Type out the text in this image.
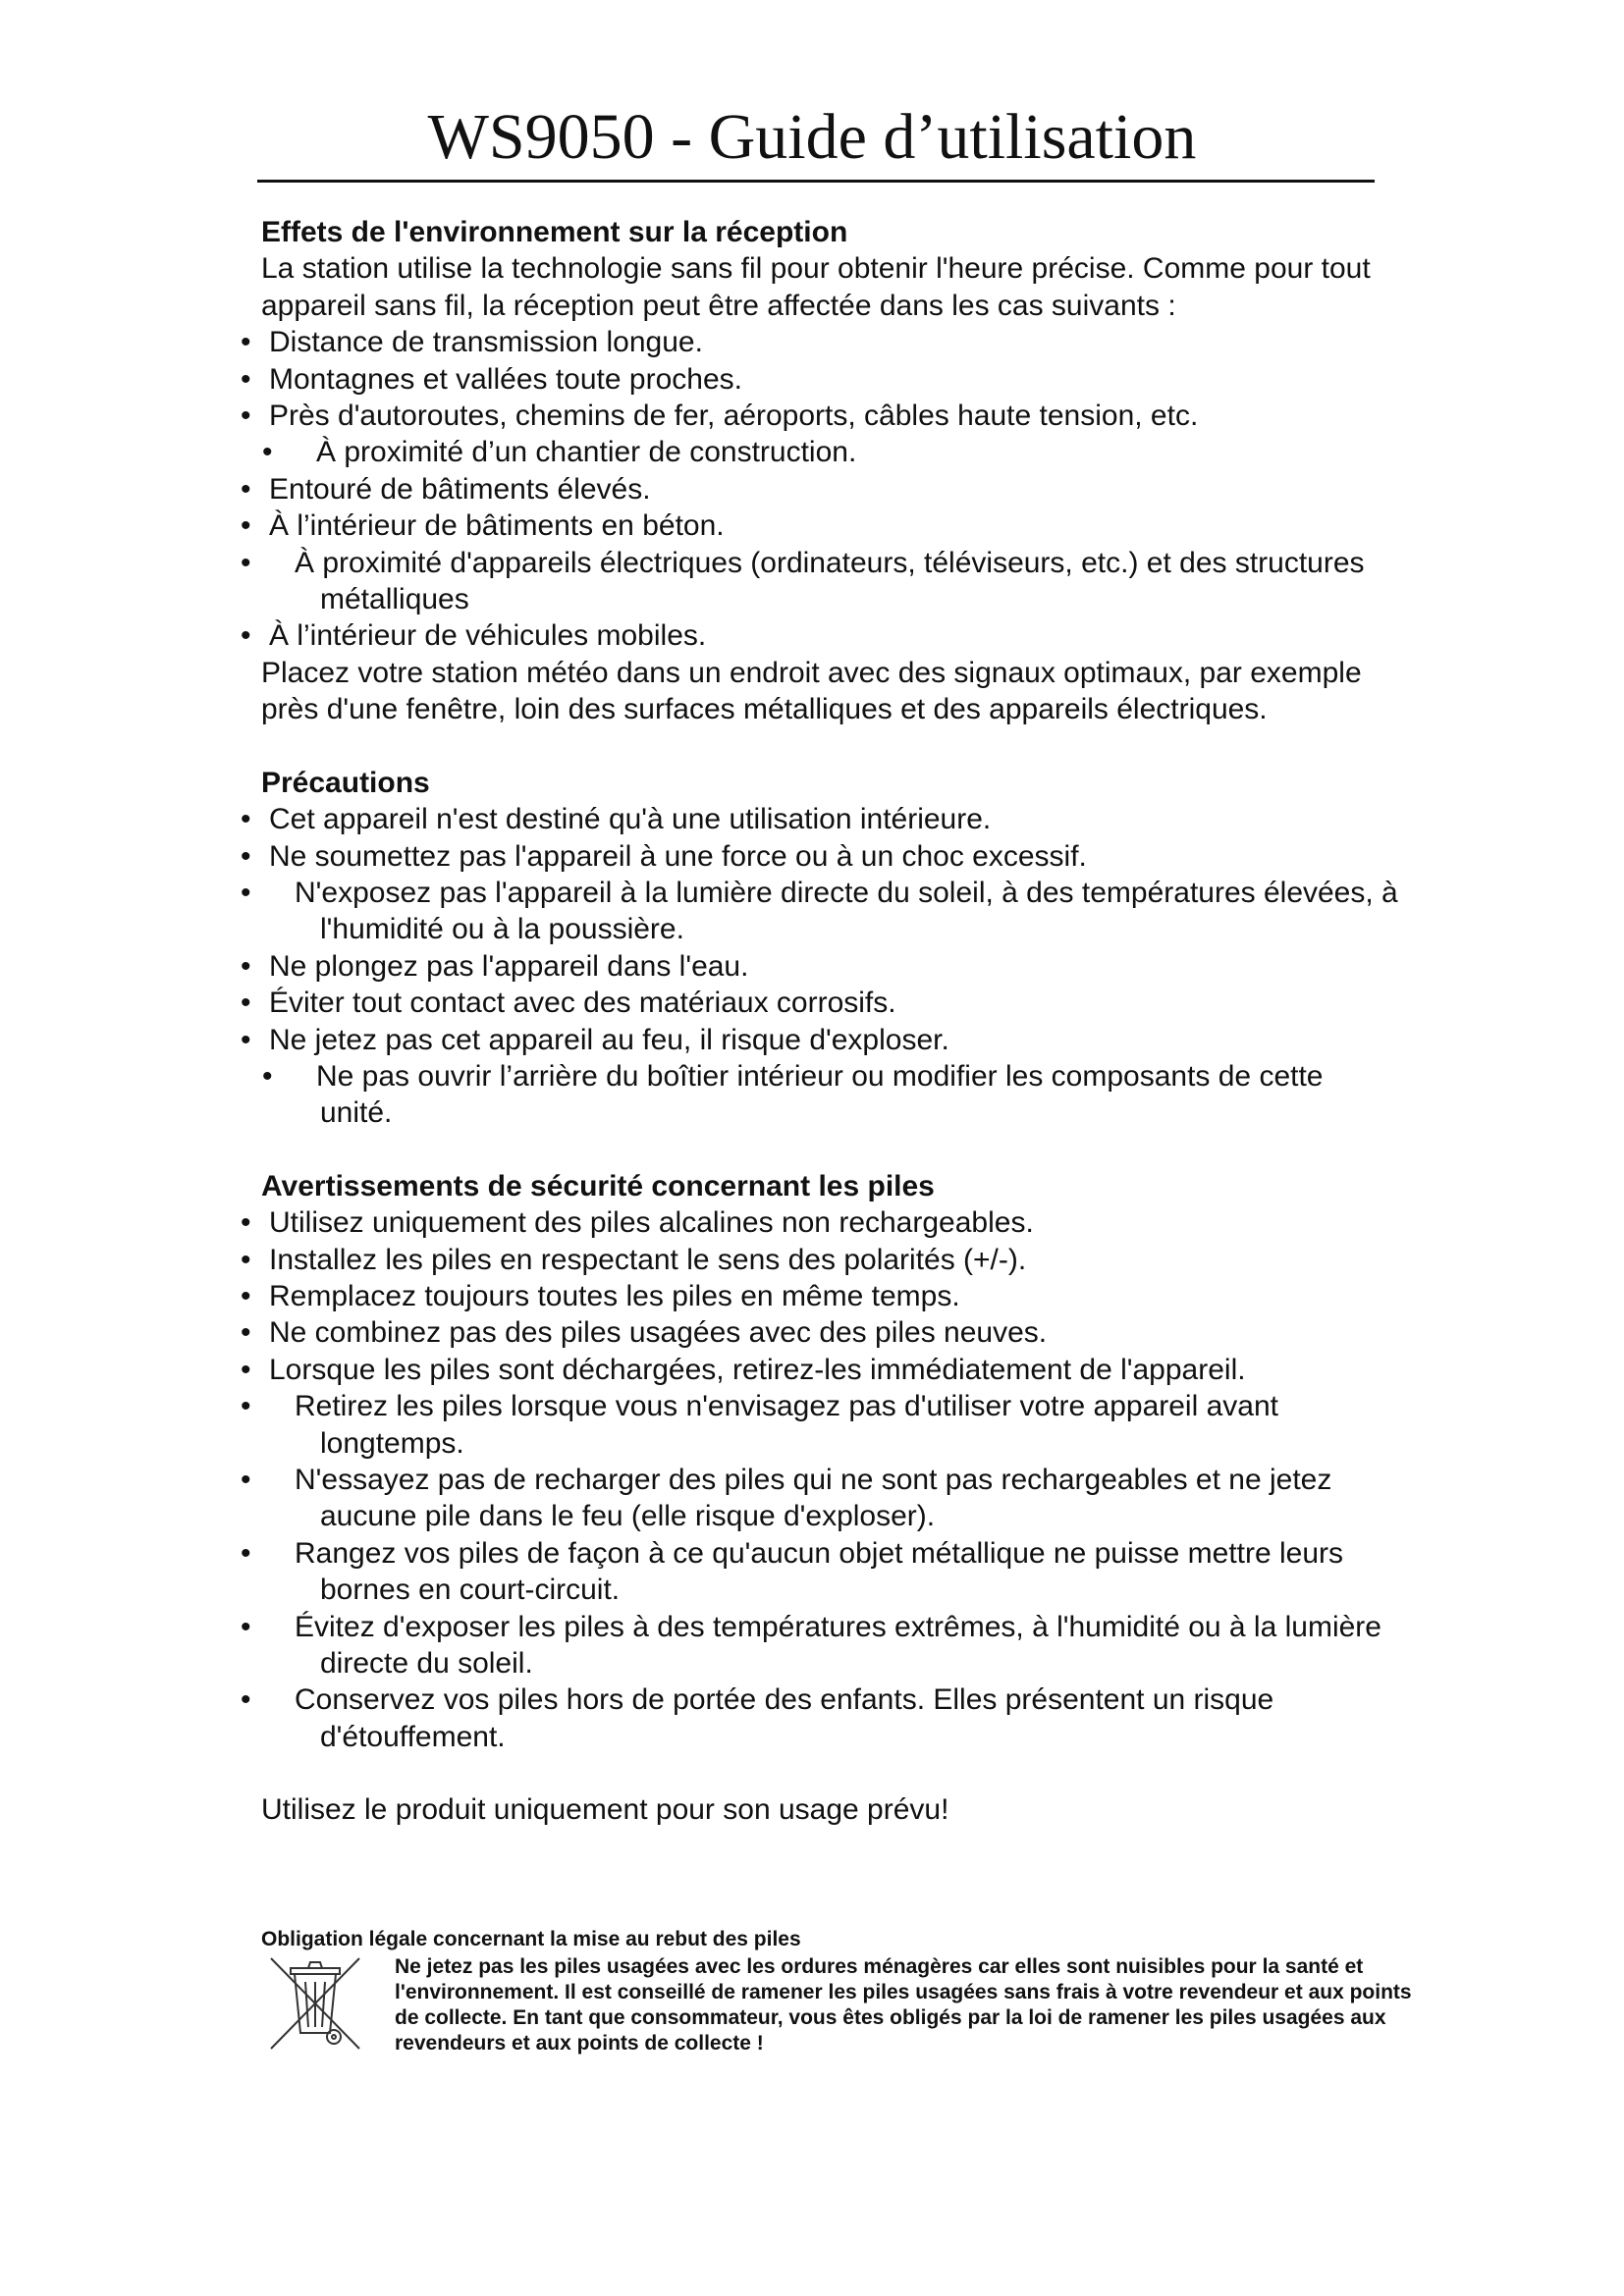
WS9050 - Guide d’utilisation
Effets de l'environnement sur la réception

La station utilise la technologie sans fil pour obtenir l'heure précise. Comme pour tout appareil sans fil, la réception peut être affectée dans les cas suivants :

• Distance de transmission longue.
• Montagnes et vallées toute proches.
• Près d'autoroutes, chemins de fer, aéroports, câbles haute tension, etc.
• À proximité d’un chantier de construction.
• Entouré de bâtiments élevés.
• À l’intérieur de bâtiments en béton.
• À proximité d'appareils électriques (ordinateurs, téléviseurs, etc.) et des structures métalliques
• À l’intérieur de véhicules mobiles.

Placez votre station météo dans un endroit avec des signaux optimaux, par exemple près d'une fenêtre, loin des surfaces métalliques et des appareils électriques.

Précautions
• Cet appareil n'est destiné qu'à une utilisation intérieure.
• Ne soumettez pas l'appareil à une force ou à un choc excessif.
• N'exposez pas l'appareil à la lumière directe du soleil, à des températures élevées, à l'humidité ou à la poussière.
• Ne plongez pas l'appareil dans l'eau.
• Éviter tout contact avec des matériaux corrosifs.
• Ne jetez pas cet appareil au feu, il risque d'exploser.
• Ne pas ouvrir l’arrière du boîtier intérieur ou modifier les composants de cette unité.
Avertissements de sécurité concernant les piles
• Utilisez uniquement des piles alcalines non rechargeables.
• Installez les piles en respectant le sens des polarités (+/-).
• Remplacez toujours toutes les piles en même temps.
• Ne combinez pas des piles usagées avec des piles neuves.
• Lorsque les piles sont déchargées, retirez-les immédiatement de l'appareil.
• Retirez les piles lorsque vous n'envisagez pas d'utiliser votre appareil avant longtemps.
• N'essayez pas de recharger des piles qui ne sont pas rechargeables et ne jetez aucune pile dans le feu (elle risque d'exploser).
• Rangez vos piles de façon à ce qu'aucun objet métallique ne puisse mettre leurs bornes en court-circuit.
• Évitez d'exposer les piles à des températures extrêmes, à l'humidité ou à la lumière directe du soleil.
• Conservez vos piles hors de portée des enfants. Elles présentent un risque d'étouffement.

Utilisez le produit uniquement pour son usage prévu!

Obligation légale concernant la mise au rebut des piles
Ne jetez pas les piles usagées avec les ordures ménagères car elles sont nuisibles pour la santé et l'environnement. Il est conseillé de ramener les piles usagées sans frais à votre revendeur et aux points de collecte. En tant que consommateur, vous êtes obligés par la loi de ramener les piles usagées aux revendeurs et aux points de collecte !
